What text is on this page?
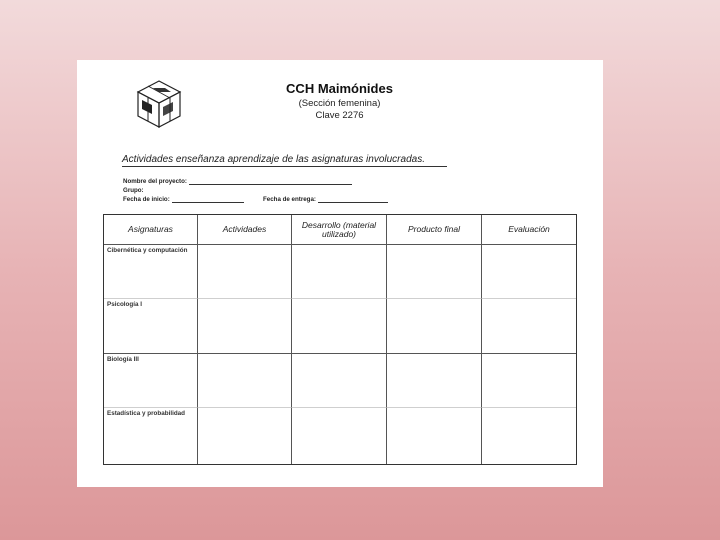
CCH Maimónides
(Sección femenina)
Clave 2276
Actividades enseñanza aprendizaje de las asignaturas involucradas.
Nombre del proyecto:
Grupo:
Fecha de inicio:	Fecha de entrega:
Asignaturas	Actividades	Desarrollo (material utilizado)	Producto final	Evaluación
Cibernética y computación
Psicología I
Biología III
Estadística y probabilidad
